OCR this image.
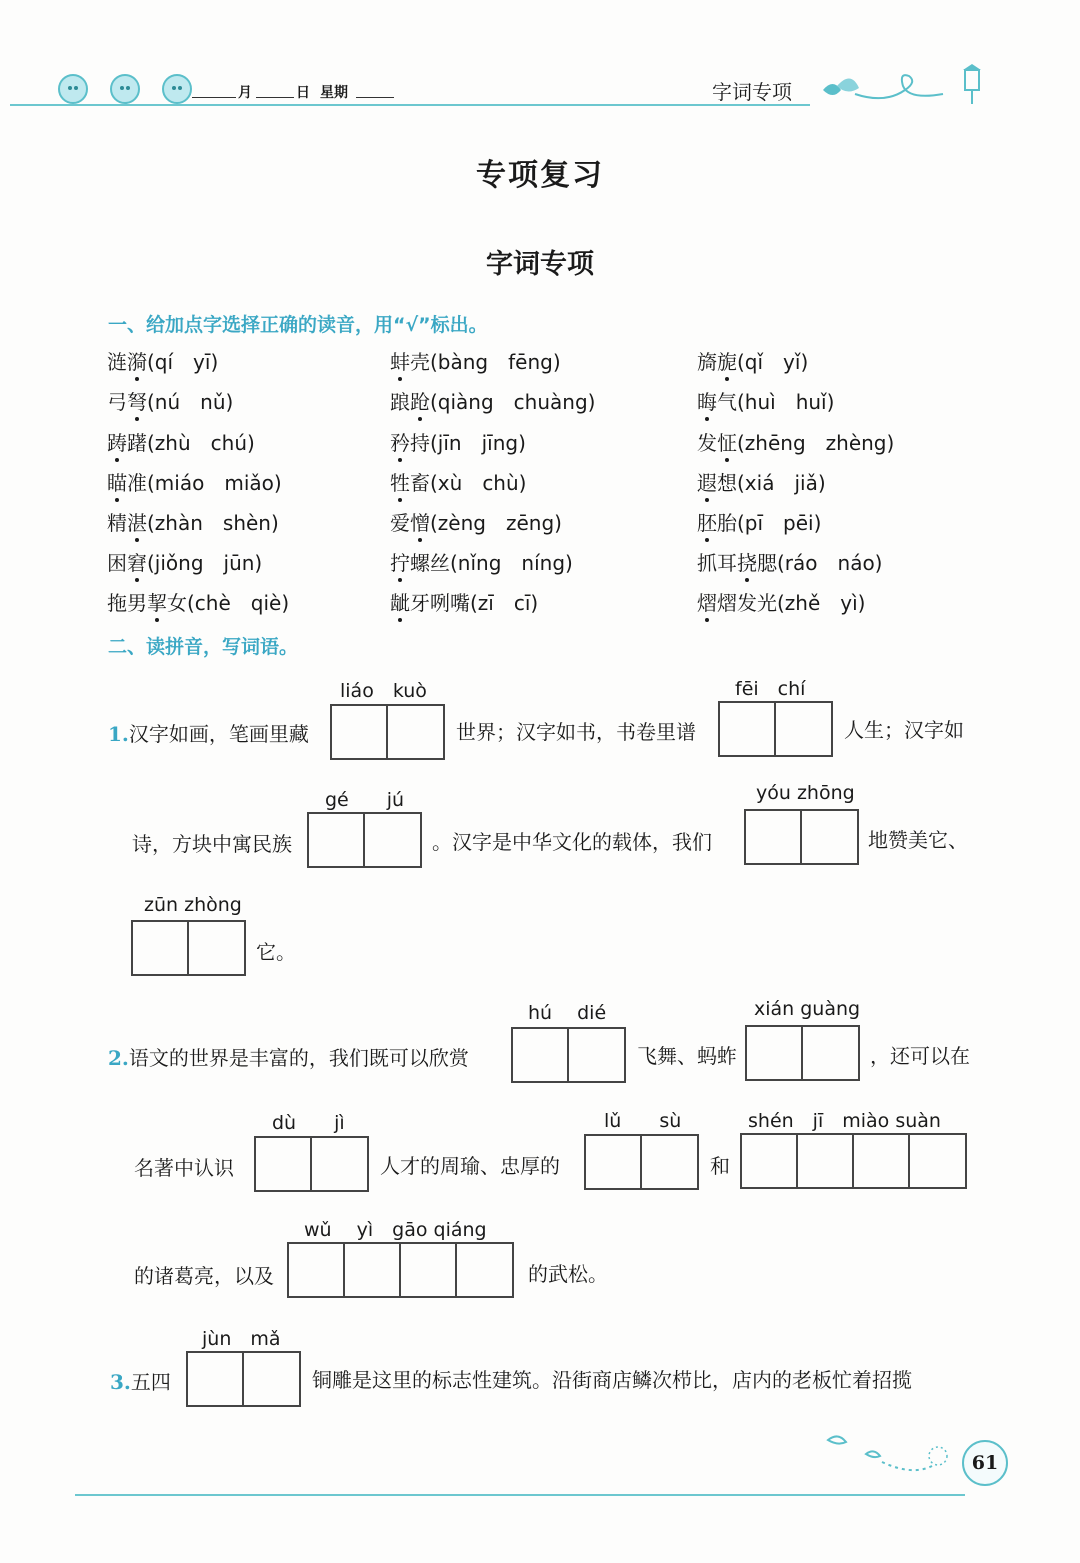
月	日 星期	字词专项
专项复习
字词专项
一、给加点字选择正确的读音，用“√”标出。
涟漪(qí　yī)	蚌壳(bàng　fēng)	旖旎(qǐ　yǐ)
弓弩(nú　nǔ)	踉跄(qiàng　chuàng)	晦气(huì　huǐ)
踌躇(zhù　chú)	矜持(jīn　jīng)	发怔(zhēng　zhèng)
瞄准(miáo　miǎo)	牲畜(xù　chù)	遐想(xiá　jiǎ)
精湛(zhàn　shèn)	爱憎(zèng　zēng)	胚胎(pī　pēi)
困窘(jiǒng　jūn)	拧螺丝(nǐng　níng)	抓耳挠腮(ráo　náo)
拖男挈女(chè　qiè)	龇牙咧嘴(zī　cī)	熠熠发光(zhě　yì)
二、读拼音，写词语。
1.汉字如画，笔画里藏
liáo　kuò
世界；汉字如书，书卷里谱
fēi　chí
人生；汉字如
诗，方块中寓民族
gé　　jú
。汉字是中华文化的载体，我们
yóu zhōng
地赞美它、
zūn zhòng
它。
2.语文的世界是丰富的，我们既可以欣赏
hú　 dié
飞舞、蚂蚱
xián guàng
，还可以在
名著中认识
dù　　jì
人才的周瑜、忠厚的
lǔ　　sù
和
shén　jī　miào suàn
的诸葛亮，以及
wǔ　 yì　gāo qiáng
的武松。
3.五四
jùn　mǎ
铜雕是这里的标志性建筑。沿街商店鳞次栉比，店内的老板忙着招揽
61
